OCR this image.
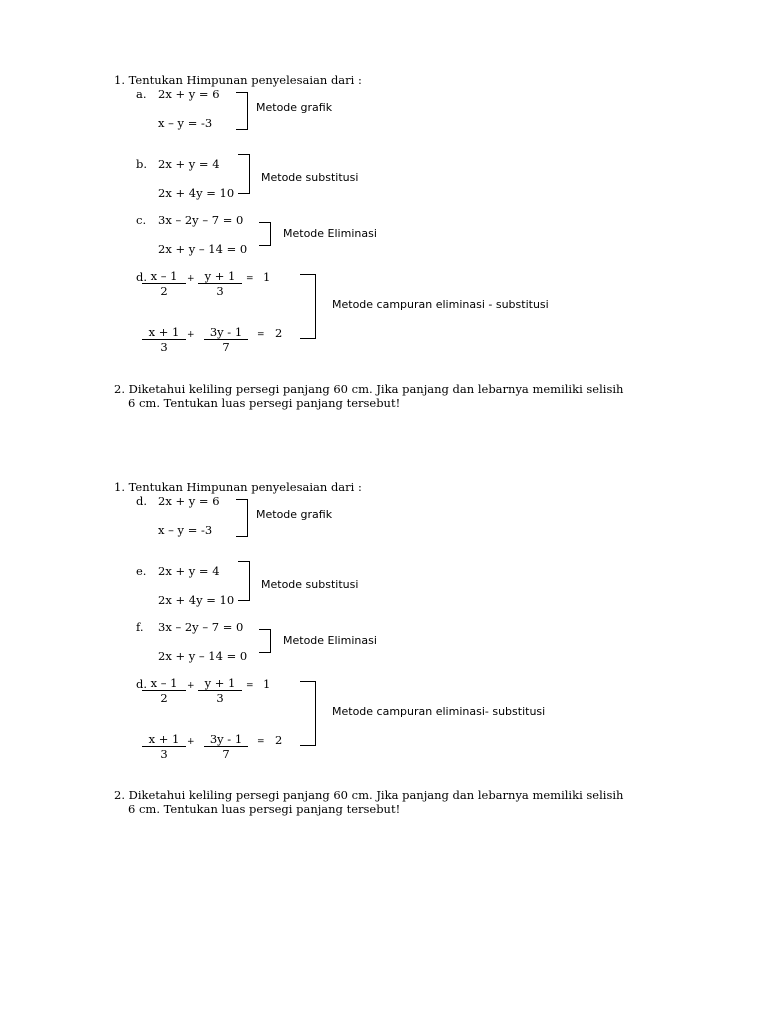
1. Tentukan Himpunan penyelesaian dari :
a. 2x + y = 6
x – y = -3
Metode grafik
b. 2x + y = 4
2x + 4y = 10
Metode substitusi
c. 3x – 2y – 7 = 0
2x + y – 14 = 0
Metode Eliminasi
d.
$\frac{x - 1}{2} + \frac{y + 1}{3} = 1$
$\frac{x + 1}{3} + \frac{3y - 1}{7} = 2$
Metode campuran eliminasi - substitusi
2. Diketahui keliling persegi panjang 60 cm. Jika panjang dan lebarnya memiliki selisih
6 cm. Tentukan luas persegi panjang tersebut!
1. Tentukan Himpunan penyelesaian dari :
d. 2x + y = 6
x – y = -3
Metode grafik
e. 2x + y = 4
2x + 4y = 10
Metode substitusi
f. 3x – 2y – 7 = 0
2x + y – 14 = 0
Metode Eliminasi
d.
$\frac{x - 1}{2} + \frac{y + 1}{3} = 1$
$\frac{x + 1}{3} + \frac{3y - 1}{7} = 2$
Metode campuran eliminasi- substitusi
2. Diketahui keliling persegi panjang 60 cm. Jika panjang dan lebarnya memiliki selisih
6 cm. Tentukan luas persegi panjang tersebut!
